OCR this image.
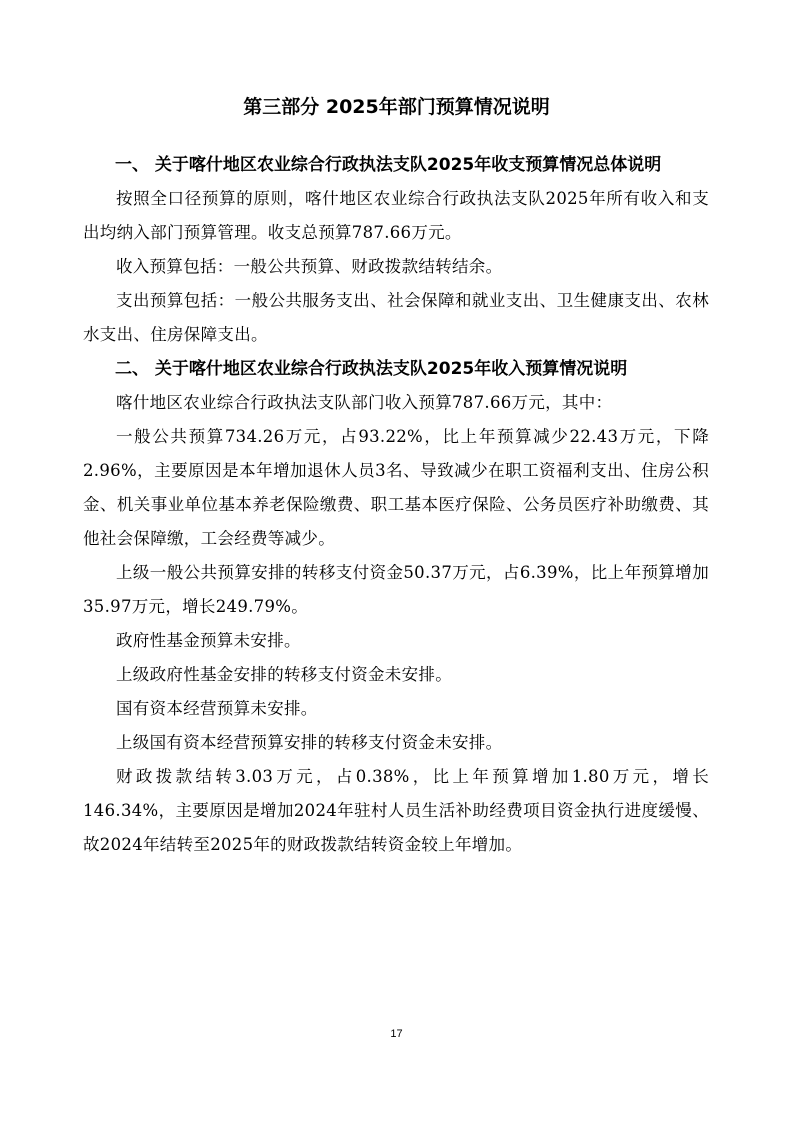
第三部分 2025年部门预算情况说明

一、 关于喀什地区农业综合行政执法支队2025年收支预算情况总体说明

按照全口径预算的原则，喀什地区农业综合行政执法支队2025年所有收入和支出均纳入部门预算管理。收支总预算787.66万元。

收入预算包括：一般公共预算、财政拨款结转结余。

支出预算包括：一般公共服务支出、社会保障和就业支出、卫生健康支出、农林水支出、住房保障支出。

二、 关于喀什地区农业综合行政执法支队2025年收入预算情况说明

喀什地区农业综合行政执法支队部门收入预算787.66万元，其中：

一般公共预算734.26万元，占93.22%，比上年预算减少22.43万元，下降2.96%，主要原因是本年增加退休人员3名、导致减少在职工资福利支出、住房公积金、机关事业单位基本养老保险缴费、职工基本医疗保险、公务员医疗补助缴费、其他社会保障缴，工会经费等减少。

上级一般公共预算安排的转移支付资金50.37万元，占6.39%，比上年预算增加35.97万元，增长249.79%。

政府性基金预算未安排。

上级政府性基金安排的转移支付资金未安排。

国有资本经营预算未安排。

上级国有资本经营预算安排的转移支付资金未安排。

财政拨款结转3.03万元，占0.38%，比上年预算增加1.80万元，增长146.34%，主要原因是增加2024年驻村人员生活补助经费项目资金执行进度缓慢、故2024年结转至2025年的财政拨款结转资金较上年增加。

17
